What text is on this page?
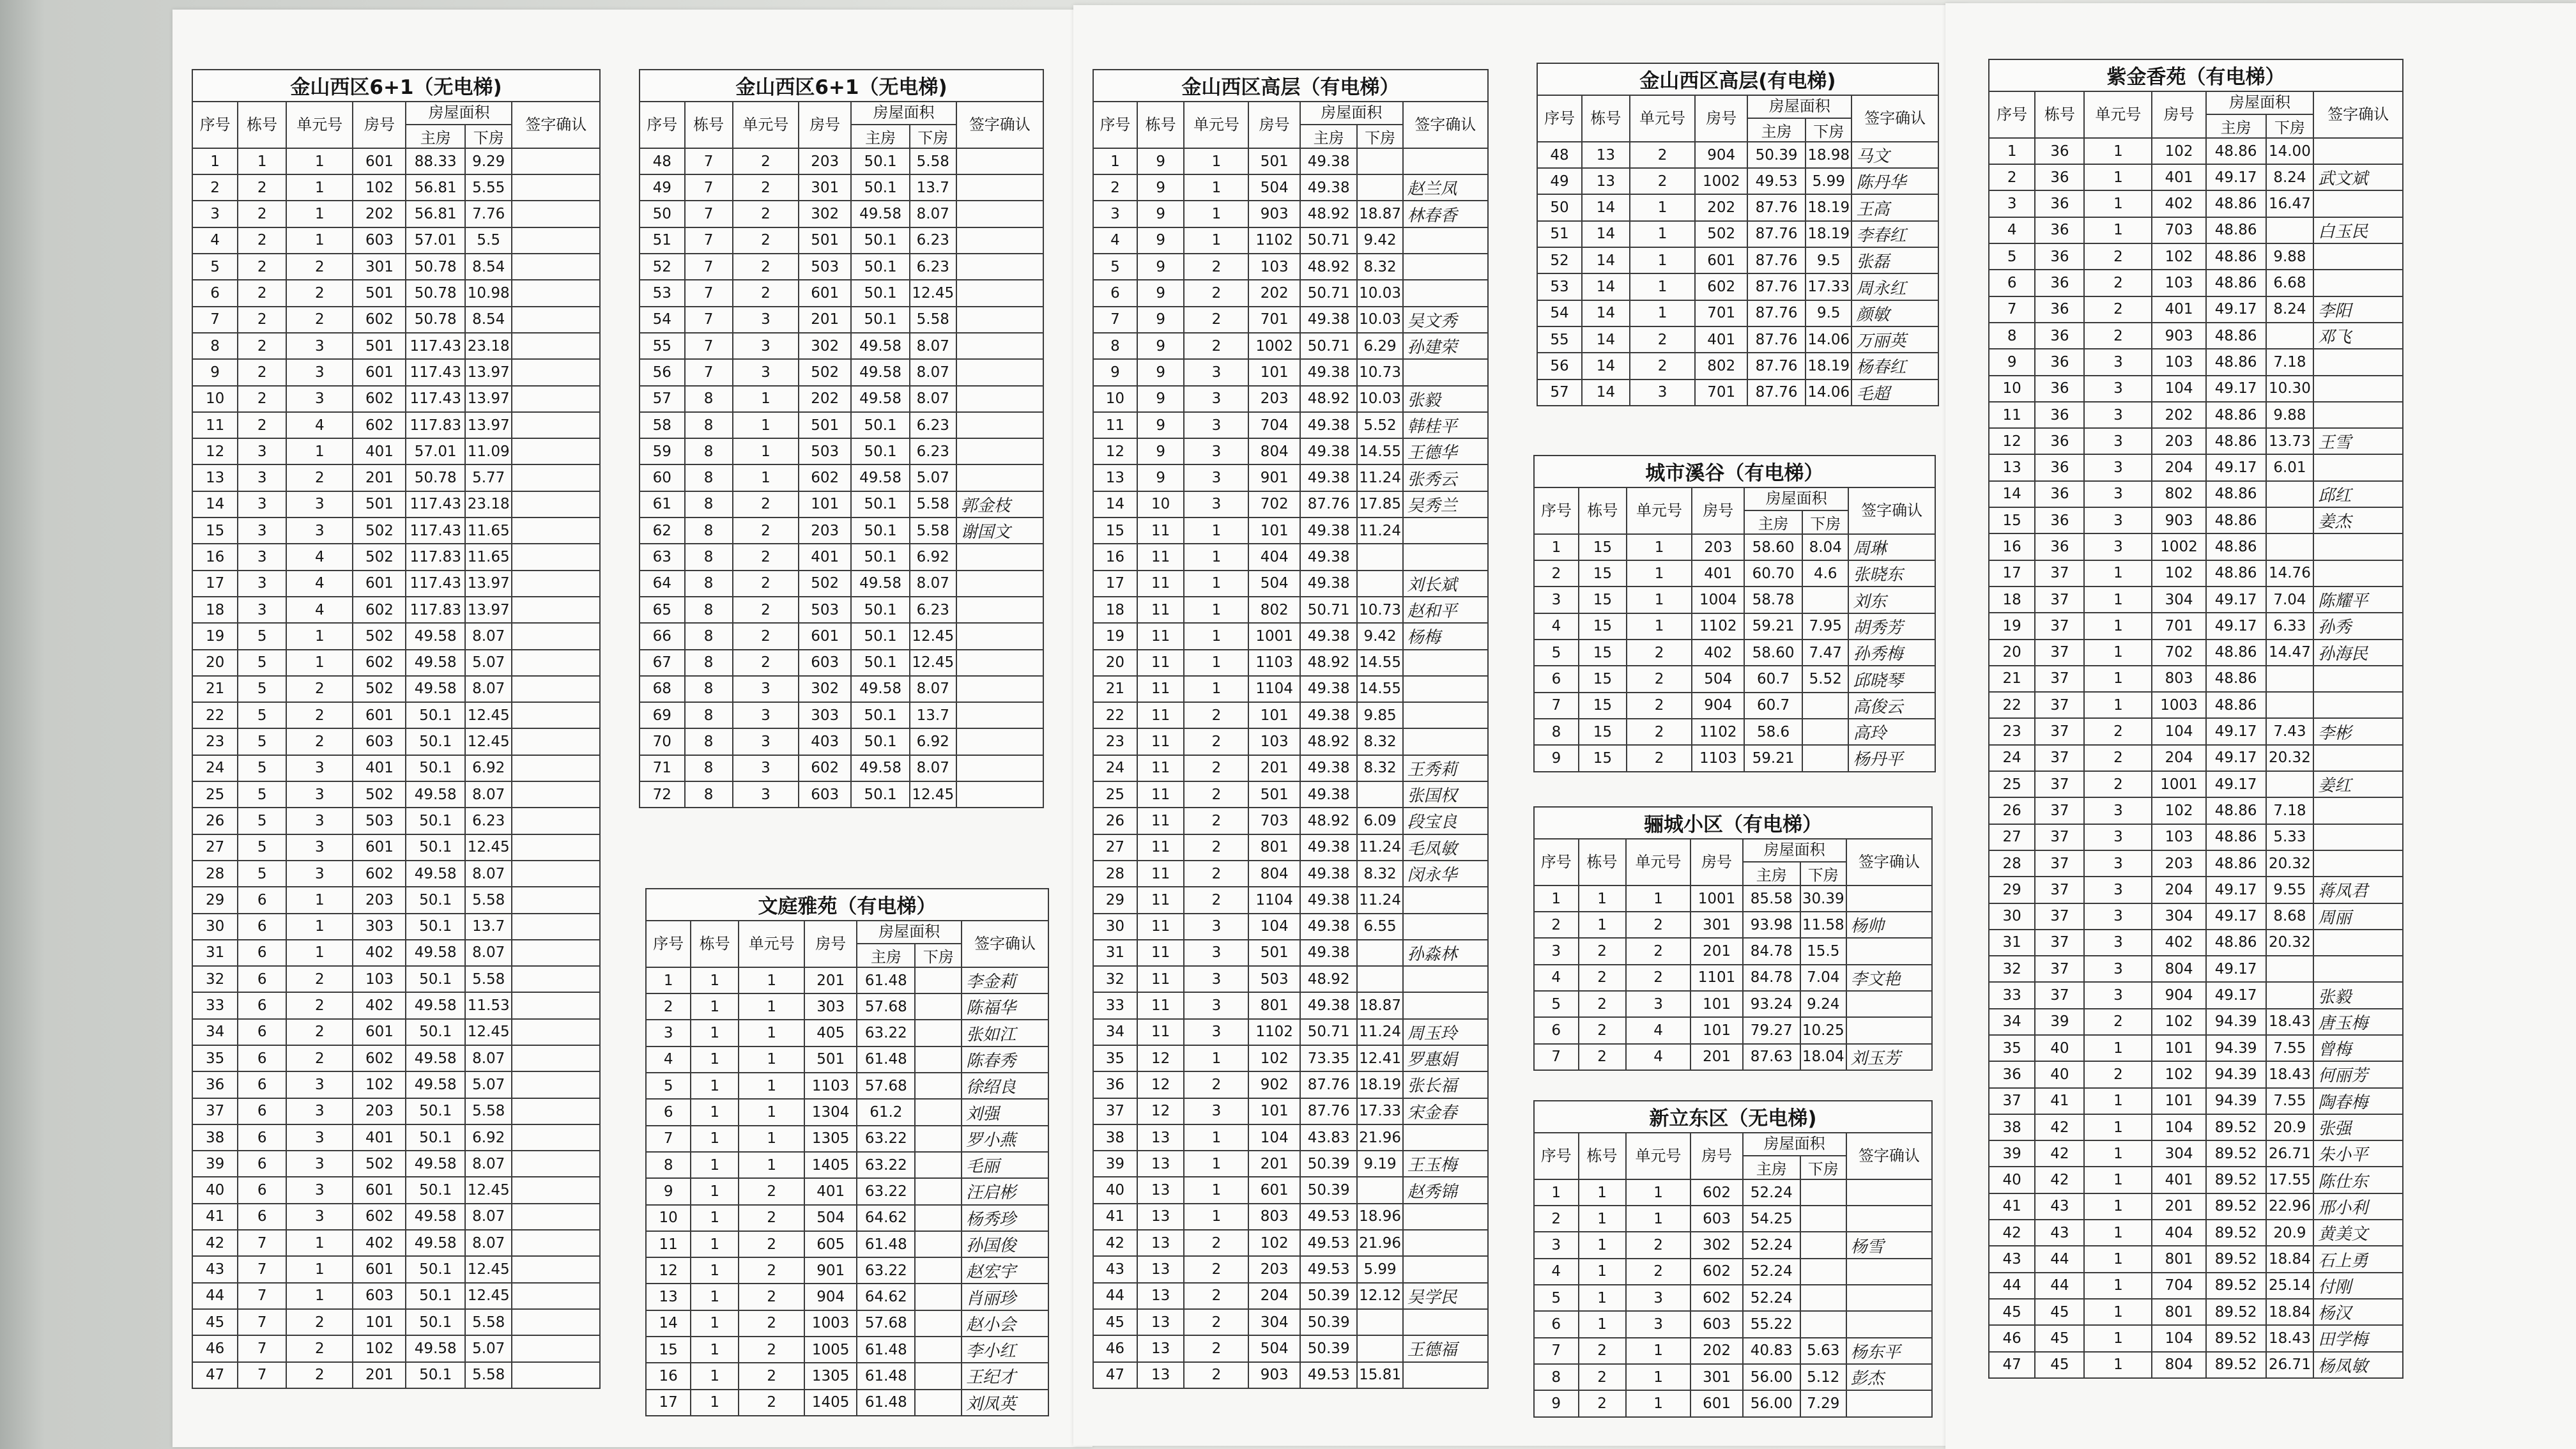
金山西区6+1（无电梯)						
序号	栋号	单元号	房号	房屋面积		签字确认
				主房	下房	
1	1	1	601	88.33	9.29	
2	2	1	102	56.81	5.55	
3	2	1	202	56.81	7.76	
4	2	1	603	57.01	5.5	
5	2	2	301	50.78	8.54	
6	2	2	501	50.78	10.98	
7	2	2	602	50.78	8.54	
8	2	3	501	117.43	23.18	
9	2	3	601	117.43	13.97	
10	2	3	602	117.43	13.97	
11	2	4	602	117.83	13.97	
12	3	1	401	57.01	11.09	
13	3	2	201	50.78	5.77	
14	3	3	501	117.43	23.18	
15	3	3	502	117.43	11.65	
16	3	4	502	117.83	11.65	
17	3	4	601	117.43	13.97	
18	3	4	602	117.83	13.97	
19	5	1	502	49.58	8.07	
20	5	1	602	49.58	5.07	
21	5	2	502	49.58	8.07	
22	5	2	601	50.1	12.45	
23	5	2	603	50.1	12.45	
24	5	3	401	50.1	6.92	
25	5	3	502	49.58	8.07	
26	5	3	503	50.1	6.23	
27	5	3	601	50.1	12.45	
28	5	3	602	49.58	8.07	
29	6	1	203	50.1	5.58	
30	6	1	303	50.1	13.7	
31	6	1	402	49.58	8.07	
32	6	2	103	50.1	5.58	
33	6	2	402	49.58	11.53	
34	6	2	601	50.1	12.45	
35	6	2	602	49.58	8.07	
36	6	3	102	49.58	5.07	
37	6	3	203	50.1	5.58	
38	6	3	401	50.1	6.92	
39	6	3	502	49.58	8.07	
40	6	3	601	50.1	12.45	
41	6	3	602	49.58	8.07	
42	7	1	402	49.58	8.07	
43	7	1	601	50.1	12.45	
44	7	1	603	50.1	12.45	
45	7	2	101	50.1	5.58	
46	7	2	102	49.58	5.07	
47	7	2	201	50.1	5.58	
金山西区6+1（无电梯)						
序号	栋号	单元号	房号	房屋面积		签字确认
				主房	下房	
48	7	2	203	50.1	5.58	
49	7	2	301	50.1	13.7	
50	7	2	302	49.58	8.07	
51	7	2	501	50.1	6.23	
52	7	2	503	50.1	6.23	
53	7	2	601	50.1	12.45	
54	7	3	201	50.1	5.58	
55	7	3	302	49.58	8.07	
56	7	3	502	49.58	8.07	
57	8	1	202	49.58	8.07	
58	8	1	501	50.1	6.23	
59	8	1	503	50.1	6.23	
60	8	1	602	49.58	5.07	
61	8	2	101	50.1	5.58	郭金枝
62	8	2	203	50.1	5.58	谢国文
63	8	2	401	50.1	6.92	
64	8	2	502	49.58	8.07	
65	8	2	503	50.1	6.23	
66	8	2	601	50.1	12.45	
67	8	2	603	50.1	12.45	
68	8	3	302	49.58	8.07	
69	8	3	303	50.1	13.7	
70	8	3	403	50.1	6.92	
71	8	3	602	49.58	8.07	
72	8	3	603	50.1	12.45	
文庭雅苑（有电梯）						
序号	栋号	单元号	房号	房屋面积		签字确认
				主房	下房	
1	1	1	201	61.48		李金莉
2	1	1	303	57.68		陈福华
3	1	1	405	63.22		张如江
4	1	1	501	61.48		陈春秀
5	1	1	1103	57.68		徐绍良
6	1	1	1304	61.2		刘强
7	1	1	1305	63.22		罗小燕
8	1	1	1405	63.22		毛丽
9	1	2	401	63.22		汪启彬
10	1	2	504	64.62		杨秀珍
11	1	2	605	61.48		孙国俊
12	1	2	901	63.22		赵宏宇
13	1	2	904	64.62		肖丽珍
14	1	2	1003	57.68		赵小会
15	1	2	1005	61.48		李小红
16	1	2	1305	61.48		王纪才
17	1	2	1405	61.48		刘凤英
金山西区高层（有电梯）						
序号	栋号	单元号	房号	房屋面积		签字确认
				主房	下房	
1	9	1	501	49.38		
2	9	1	504	49.38		赵兰凤
3	9	1	903	48.92	18.87	林春香
4	9	1	1102	50.71	9.42	
5	9	2	103	48.92	8.32	
6	9	2	202	50.71	10.03	
7	9	2	701	49.38	10.03	吴文秀
8	9	2	1002	50.71	6.29	孙建荣
9	9	3	101	49.38	10.73	
10	9	3	203	48.92	10.03	张毅
11	9	3	704	49.38	5.52	韩桂平
12	9	3	804	49.38	14.55	王德华
13	9	3	901	49.38	11.24	张秀云
14	10	3	702	87.76	17.85	吴秀兰
15	11	1	101	49.38	11.24	
16	11	1	404	49.38		
17	11	1	504	49.38		刘长斌
18	11	1	802	50.71	10.73	赵和平
19	11	1	1001	49.38	9.42	杨梅
20	11	1	1103	48.92	14.55	
21	11	1	1104	49.38	14.55	
22	11	2	101	49.38	9.85	
23	11	2	103	48.92	8.32	
24	11	2	201	49.38	8.32	王秀莉
25	11	2	501	49.38		张国权
26	11	2	703	48.92	6.09	段宝良
27	11	2	801	49.38	11.24	毛凤敏
28	11	2	804	49.38	8.32	闵永华
29	11	2	1104	49.38	11.24	
30	11	3	104	49.38	6.55	
31	11	3	501	49.38		孙淼林
32	11	3	503	48.92		
33	11	3	801	49.38	18.87	
34	11	3	1102	50.71	11.24	周玉玲
35	12	1	102	73.35	12.41	罗惠娟
36	12	2	902	87.76	18.19	张长福
37	12	3	101	87.76	17.33	宋金春
38	13	1	104	43.83	21.96	
39	13	1	201	50.39	9.19	王玉梅
40	13	1	601	50.39		赵秀锦
41	13	1	803	49.53	18.96	
42	13	2	102	49.53	21.96	
43	13	2	203	49.53	5.99	
44	13	2	204	50.39	12.12	吴学民
45	13	2	304	50.39		
46	13	2	504	50.39		王德福
47	13	2	903	49.53	15.81	
金山西区高层(有电梯)						
序号	栋号	单元号	房号	房屋面积		签字确认
				主房	下房	
48	13	2	904	50.39	18.98	马文
49	13	2	1002	49.53	5.99	陈丹华
50	14	1	202	87.76	18.19	王高
51	14	1	502	87.76	18.19	李春红
52	14	1	601	87.76	9.5	张磊
53	14	1	602	87.76	17.33	周永红
54	14	1	701	87.76	9.5	颜敏
55	14	2	401	87.76	14.06	万丽英
56	14	2	802	87.76	18.19	杨春红
57	14	3	701	87.76	14.06	毛超
城市溪谷（有电梯）						
序号	栋号	单元号	房号	房屋面积		签字确认
				主房	下房	
1	15	1	203	58.60	8.04	周琳
2	15	1	401	60.70	4.6	张晓东
3	15	1	1004	58.78		刘东
4	15	1	1102	59.21	7.95	胡秀芳
5	15	2	402	58.60	7.47	孙秀梅
6	15	2	504	60.7	5.52	邱晓琴
7	15	2	904	60.7		高俊云
8	15	2	1102	58.6		高玲
9	15	2	1103	59.21		杨丹平
骊城小区（有电梯）						
序号	栋号	单元号	房号	房屋面积		签字确认
				主房	下房	
1	1	1	1001	85.58	30.39	
2	1	2	301	93.98	11.58	杨帅
3	2	2	201	84.78	15.5	
4	2	2	1101	84.78	7.04	李文艳
5	2	3	101	93.24	9.24	
6	2	4	101	79.27	10.25	
7	2	4	201	87.63	18.04	刘玉芳
新立东区（无电梯)						
序号	栋号	单元号	房号	房屋面积		签字确认
				主房	下房	
1	1	1	602	52.24		
2	1	1	603	54.25		
3	1	2	302	52.24		杨雪
4	1	2	602	52.24		
5	1	3	602	52.24		
6	1	3	603	55.22		
7	2	1	202	40.83	5.63	杨东平
8	2	1	301	56.00	5.12	彭杰
9	2	1	601	56.00	7.29	
紫金香苑（有电梯）						
序号	栋号	单元号	房号	房屋面积		签字确认
				主房	下房	
1	36	1	102	48.86	14.00	
2	36	1	401	49.17	8.24	武文斌
3	36	1	402	48.86	16.47	
4	36	1	703	48.86		白玉民
5	36	2	102	48.86	9.88	
6	36	2	103	48.86	6.68	
7	36	2	401	49.17	8.24	李阳
8	36	2	903	48.86		邓飞
9	36	3	103	48.86	7.18	
10	36	3	104	49.17	10.30	
11	36	3	202	48.86	9.88	
12	36	3	203	48.86	13.73	王雪
13	36	3	204	49.17	6.01	
14	36	3	802	48.86		邱红
15	36	3	903	48.86		姜杰
16	36	3	1002	48.86		
17	37	1	102	48.86	14.76	
18	37	1	304	49.17	7.04	陈耀平
19	37	1	701	49.17	6.33	孙秀
20	37	1	702	48.86	14.47	孙海民
21	37	1	803	48.86		
22	37	1	1003	48.86		
23	37	2	104	49.17	7.43	李彬
24	37	2	204	49.17	20.32	
25	37	2	1001	49.17		姜红
26	37	3	102	48.86	7.18	
27	37	3	103	48.86	5.33	
28	37	3	203	48.86	20.32	
29	37	3	204	49.17	9.55	蒋凤君
30	37	3	304	49.17	8.68	周丽
31	37	3	402	48.86	20.32	
32	37	3	804	49.17		
33	37	3	904	49.17		张毅
34	39	2	102	94.39	18.43	唐玉梅
35	40	1	101	94.39	7.55	曾梅
36	40	2	102	94.39	18.43	何丽芳
37	41	1	101	94.39	7.55	陶春梅
38	42	1	104	89.52	20.9	张强
39	42	1	304	89.52	26.71	朱小平
40	42	1	401	89.52	17.55	陈仕东
41	43	1	201	89.52	22.96	邢小利
42	43	1	404	89.52	20.9	黄美文
43	44	1	801	89.52	18.84	石上勇
44	44	1	704	89.52	25.14	付刚
45	45	1	801	89.52	18.84	杨汉
46	45	1	104	89.52	18.43	田学梅
47	45	1	804	89.52	26.71	杨凤敏
